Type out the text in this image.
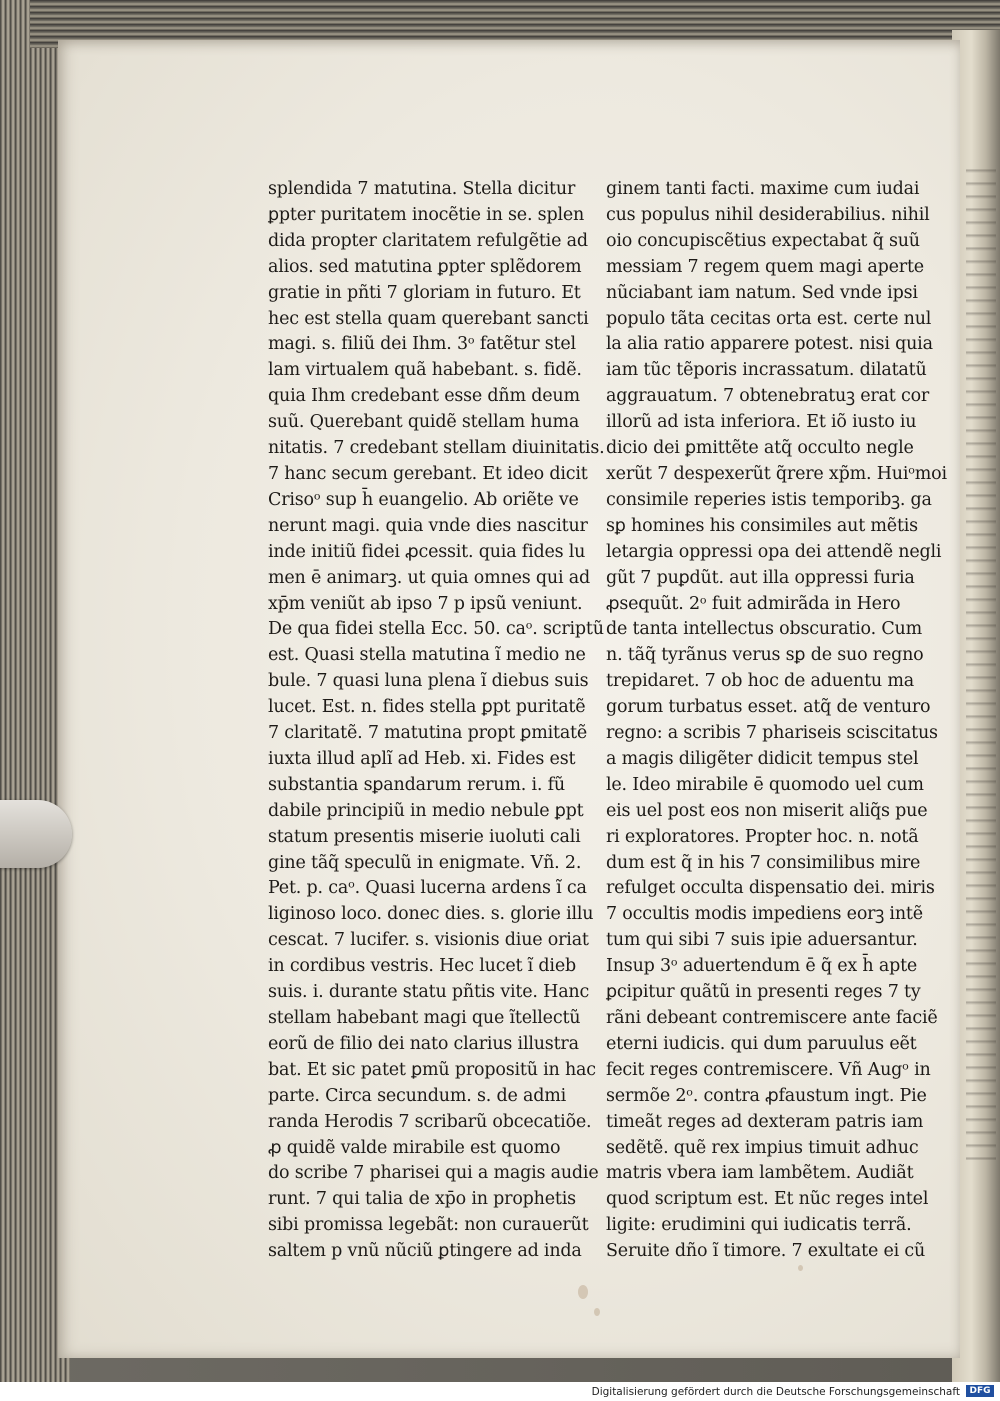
splendida 7 matutina. Stella dicitur
ꝑpter puritatem inocẽtie in se. splen
dida propter claritatem refulgẽtie ad
alios. sed matutina ꝑpter splẽdorem
gratie in pñti 7 gloriam in futuro. Et
hec est stella quam querebant sancti
magi. s. filiũ dei Ihm. 3ᵒ fatẽtur stel
lam virtualem quã habebant. s. fidẽ.
quia Ihm credebant esse dñm deum
suũ. Querebant quidẽ stellam huma
nitatis. 7 credebant stellam diuinitatis.
7 hanc secum gerebant. Et ideo dicit
Crisoᵒ sup h̄ euangelio. Ab oriẽte ve
nerunt magi. quia vnde dies nascitur
inde initiũ fidei ꝓcessit. quia fides lu
men ē animarꝫ. ut quia omnes qui ad
xp̄m veniũt ab ipso 7 p ipsũ veniunt.
De qua fidei stella Ecc. 50. caᵒ. scriptũ
est. Quasi stella matutina ĩ medio ne
bule. 7 quasi luna plena ĩ diebus suis
lucet. Est. n. fides stella ꝑpt puritatẽ
7 claritatẽ. 7 matutina propt ꝑmitatẽ
iuxta illud aplĩ ad Heb. xi. Fides est
substantia sꝑandarum rerum. i. fũ
dabile principiũ in medio nebule ꝑpt
statum presentis miserie iuoluti cali
gine tãq̃ speculũ in enigmate. Vñ. 2.
Pet. p. caᵒ. Quasi lucerna ardens ĩ ca
liginoso loco. donec dies. s. glorie illu
cescat. 7 lucifer. s. visionis diue oriat
in cordibus vestris. Hec lucet ĩ dieb
suis. i. durante statu pñtis vite. Hanc
stellam habebant magi que ĩtellectũ
eorũ de filio dei nato clarius illustra
bat. Et sic patet ꝑmũ propositũ in hac
parte. Circa secundum. s. de admi
randa Herodis 7 scribarũ obcecatiõe.
ꝓ quidẽ valde mirabile est quomo
do scribe 7 pharisei qui a magis audie
runt. 7 qui talia de xp̄o in prophetis
sibi promissa legebãt: non curauerũt
saltem p vnũ nũciũ ꝑtingere ad inda
ginem tanti facti. maxime cum iudai
cus populus nihil desiderabilius. nihil
oio concupiscẽtius expectabat q̃ suũ
messiam 7 regem quem magi aperte
nũciabant iam natum. Sed vnde ipsi
populo tãta cecitas orta est. certe nul
la alia ratio apparere potest. nisi quia
iam tũc tẽporis incrassatum. dilatatũ
aggrauatum. 7 obtenebratuꝫ erat cor
illorũ ad ista inferiora. Et iõ iusto iu
dicio dei ꝑmittẽte atq̃ occulto negle
xerũt 7 despexerũt q̃rere xp̃m. Huiᵒmoi
consimile reperies istis temporibꝫ. ga
sꝑ homines his consimiles aut mẽtis
letargia oppressi opa dei attendẽ negli
gũt 7 puꝑdũt. aut illa oppressi furia
ꝓsequũt. 2ᵒ fuit admirãda in Hero
de tanta intellectus obscuratio. Cum
n. tãq̃ tyrãnus verus sꝑ de suo regno
trepidaret. 7 ob hoc de aduentu ma
gorum turbatus esset. atq̃ de venturo
regno: a scribis 7 phariseis sciscitatus
a magis diligẽter didicit tempus stel
le. Ideo mirabile ē quomodo uel cum
eis uel post eos non miserit aliq̃s pue
ri exploratores. Propter hoc. n. notã
dum est q̃ in his 7 consimilibus mire
refulget occulta dispensatio dei. miris
7 occultis modis impediens eorꝫ intẽ
tum qui sibi 7 suis ipie aduersantur.
Insup 3ᵒ aduertendum ē q̃ ex h̄ apte
ꝑcipitur quãtũ in presenti reges 7 ty
rãni debeant contremiscere ante faciẽ
eterni iudicis. qui dum paruulus eẽt
fecit reges contremiscere. Vñ Augᵒ in
sermõe 2ᵒ. contra ꝓfaustum ingt. Pie
timeãt reges ad dexteram patris iam
sedẽtẽ. quẽ rex impius timuit adhuc
matris vbera iam lambẽtem. Audiãt
quod scriptum est. Et nũc reges intel
ligite: erudimini qui iudicatis terrã.
Seruite dño ĩ timore. 7 exultate ei cũ
Digitalisierung gefördert durch die Deutsche Forschungsgemeinschaft	DFG
